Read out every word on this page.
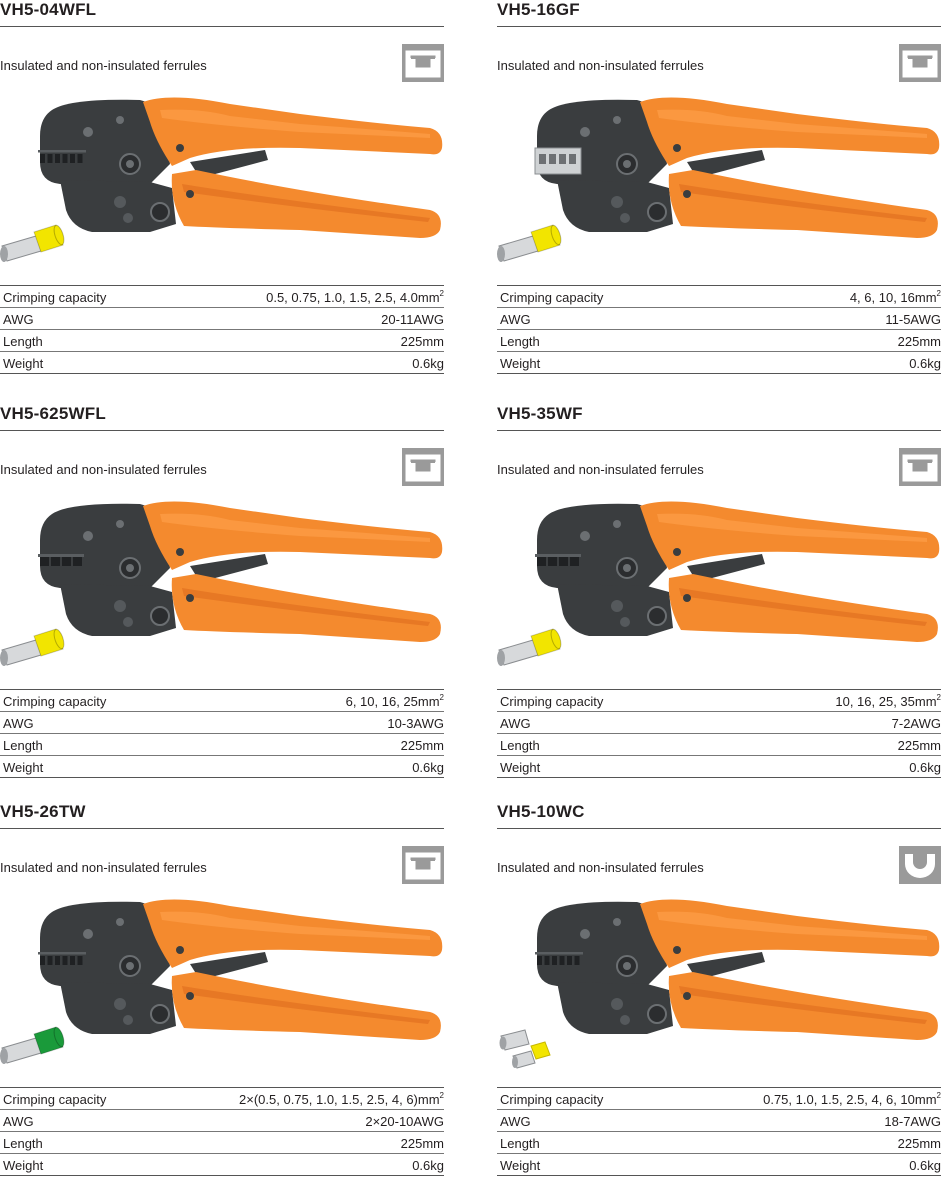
VH5-04WFL
Insulated and non-insulated ferrules
Crimping capacity	0.5, 0.75, 1.0, 1.5, 2.5, $4.0mm^2$
AWG	20-11AWG
Length	225mm
Weight	0.6kg
VH5-16GF
Insulated and non-insulated ferrules
Crimping capacity	4, 6, 10, $16mm^2$
AWG	11-5AWG
Length	225mm
Weight	0.6kg
VH5-625WFL
Insulated and non-insulated ferrules
Crimping capacity	6, 10, 16, $25mm^2$
AWG	10-3AWG
Length	225mm
Weight	0.6kg
VH5-35WF
Insulated and non-insulated ferrules
Crimping capacity	10, 16, 25, $35mm^2$
AWG	7-2AWG
Length	225mm
Weight	0.6kg
VH5-26TW
Insulated and non-insulated ferrules
Crimping capacity	2×(0.5, 0.75, 1.0, 1.5, 2.5, 4, $6)mm^2$
AWG	2×20-10AWG
Length	225mm
Weight	0.6kg
VH5-10WC
Insulated and non-insulated ferrules
Crimping capacity	0.75, 1.0, 1.5, 2.5, 4, 6, $10mm^2$
AWG	18-7AWG
Length	225mm
Weight	0.6kg
